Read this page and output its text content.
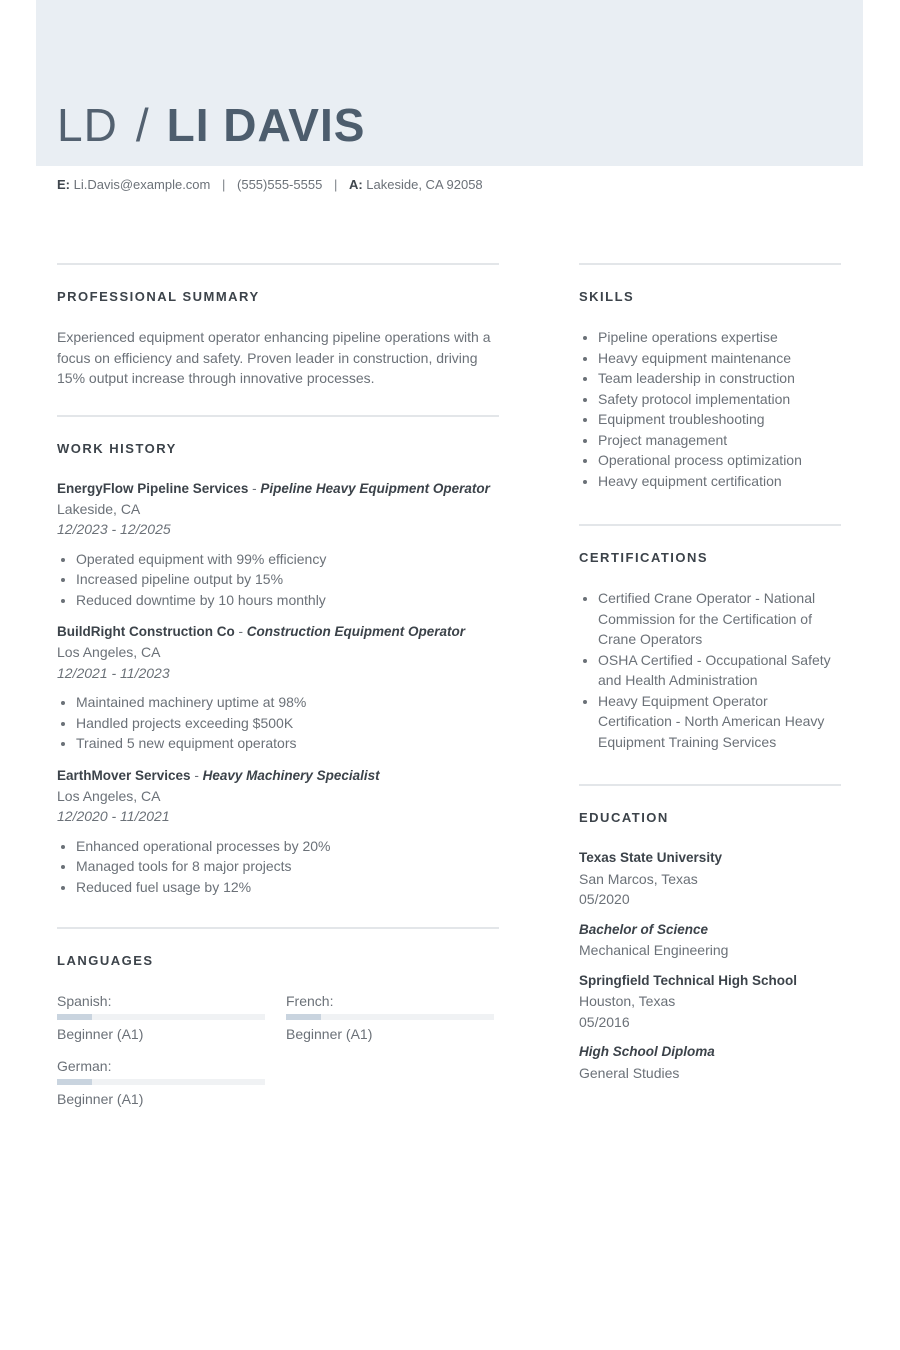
LD / LI DAVIS
E: Li.Davis@example.com | (555)555-5555 | A: Lakeside, CA 92058
PROFESSIONAL SUMMARY

Experienced equipment operator enhancing pipeline operations with a focus on efficiency and safety. Proven leader in construction, driving 15% output increase through innovative processes.

WORK HISTORY
EnergyFlow Pipeline Services - Pipeline Heavy Equipment Operator
Lakeside, CA
12/2023 - 12/2025
Operated equipment with 99% efficiency
Increased pipeline output by 15%
Reduced downtime by 10 hours monthly
BuildRight Construction Co - Construction Equipment Operator
Los Angeles, CA
12/2021 - 11/2023
Maintained machinery uptime at 98%
Handled projects exceeding $500K
Trained 5 new equipment operators
EarthMover Services - Heavy Machinery Specialist
Los Angeles, CA
12/2020 - 11/2021
Enhanced operational processes by 20%
Managed tools for 8 major projects
Reduced fuel usage by 12%
LANGUAGES
Spanish:
Beginner (A1)
French:
Beginner (A1)
German:
Beginner (A1)
SKILLS
Pipeline operations expertise
Heavy equipment maintenance
Team leadership in construction
Safety protocol implementation
Equipment troubleshooting
Project management
Operational process optimization
Heavy equipment certification
CERTIFICATIONS
Certified Crane Operator - National Commission for the Certification of Crane Operators
OSHA Certified - Occupational Safety and Health Administration
Heavy Equipment Operator Certification - North American Heavy Equipment Training Services
EDUCATION
Texas State University
San Marcos, Texas
05/2020
Bachelor of Science
Mechanical Engineering
Springfield Technical High School
Houston, Texas
05/2016
High School Diploma
General Studies
